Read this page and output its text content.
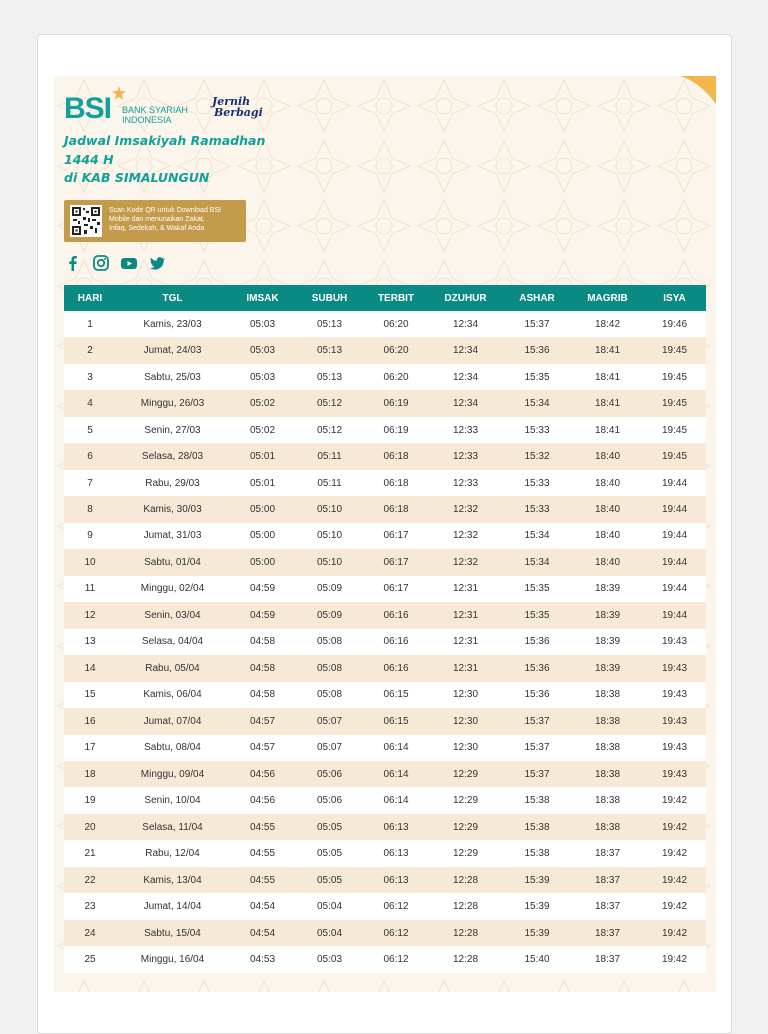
BSI BANK SYARIAH
INDONESIA
Jernih
Berbagi
Jadwal Imsakiyah Ramadhan
1444 H
di KAB SIMALUNGUN
Scan Kode QR untuk Download BSI
Mobile dan menunaikan Zakat,
Infaq, Sedekah, & Wakaf Anda
HARI	TGL	IMSAK	SUBUH	TERBIT	DZUHUR	ASHAR	MAGRIB	ISYA
1	Kamis, 23/03	05:03	05:13	06:20	12:34	15:37	18:42	19:46
2	Jumat, 24/03	05:03	05:13	06:20	12:34	15:36	18:41	19:45
3	Sabtu, 25/03	05:03	05:13	06:20	12:34	15:35	18:41	19:45
4	Minggu, 26/03	05:02	05:12	06:19	12:34	15:34	18:41	19:45
5	Senin, 27/03	05:02	05:12	06:19	12:33	15:33	18:41	19:45
6	Selasa, 28/03	05:01	05:11	06:18	12:33	15:32	18:40	19:45
7	Rabu, 29/03	05:01	05:11	06:18	12:33	15:33	18:40	19:44
8	Kamis, 30/03	05:00	05:10	06:18	12:32	15:33	18:40	19:44
9	Jumat, 31/03	05:00	05:10	06:17	12:32	15:34	18:40	19:44
10	Sabtu, 01/04	05:00	05:10	06:17	12:32	15:34	18:40	19:44
11	Minggu, 02/04	04:59	05:09	06:17	12:31	15:35	18:39	19:44
12	Senin, 03/04	04:59	05:09	06:16	12:31	15:35	18:39	19:44
13	Selasa, 04/04	04:58	05:08	06:16	12:31	15:36	18:39	19:43
14	Rabu, 05/04	04:58	05:08	06:16	12:31	15:36	18:39	19:43
15	Kamis, 06/04	04:58	05:08	06:15	12:30	15:36	18:38	19:43
16	Jumat, 07/04	04:57	05:07	06:15	12:30	15:37	18:38	19:43
17	Sabtu, 08/04	04:57	05:07	06:14	12:30	15:37	18:38	19:43
18	Minggu, 09/04	04:56	05:06	06:14	12:29	15:37	18:38	19:43
19	Senin, 10/04	04:56	05:06	06:14	12:29	15:38	18:38	19:42
20	Selasa, 11/04	04:55	05:05	06:13	12:29	15:38	18:38	19:42
21	Rabu, 12/04	04:55	05:05	06:13	12:29	15:38	18:37	19:42
22	Kamis, 13/04	04:55	05:05	06:13	12:28	15:39	18:37	19:42
23	Jumat, 14/04	04:54	05:04	06:12	12:28	15:39	18:37	19:42
24	Sabtu, 15/04	04:54	05:04	06:12	12:28	15:39	18:37	19:42
25	Minggu, 16/04	04:53	05:03	06:12	12:28	15:40	18:37	19:42
